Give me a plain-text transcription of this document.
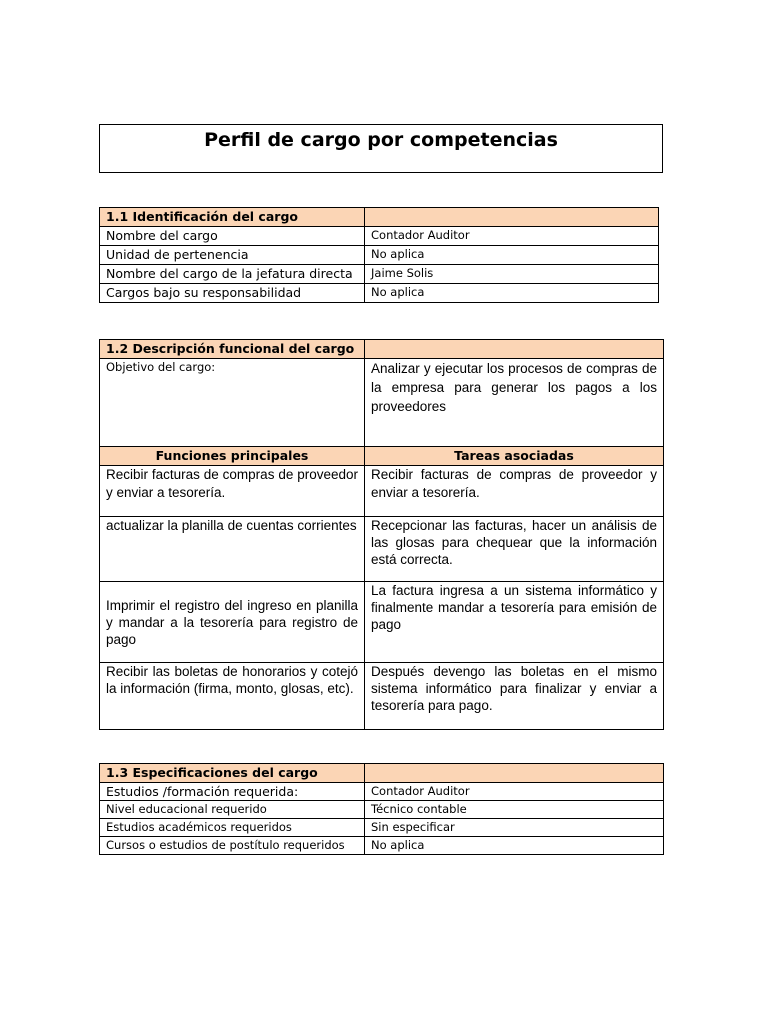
Perfil de cargo por competencias
1.1 Identificación del cargo	
Nombre del cargo	Contador Auditor
Unidad de pertenencia	No aplica
Nombre del cargo de la jefatura directa	Jaime Solis
Cargos bajo su responsabilidad	No aplica
1.2 Descripción funcional del cargo	
Objetivo del cargo:	Analizar y ejecutar los procesos de compras de la empresa para generar los pagos a los proveedores
Funciones principales	Tareas asociadas
Recibir facturas de compras de proveedor y enviar a tesorería.	Recibir facturas de compras de proveedor y enviar a tesorería.
actualizar la planilla de cuentas corrientes	Recepcionar las facturas, hacer un análisis de las glosas para chequear que la información está correcta.
Imprimir el registro del ingreso en planilla y mandar a la tesorería para registro de pago	La factura ingresa a un sistema informático y finalmente mandar a tesorería para emisión de pago
Recibir las boletas de honorarios y cotejó la información (firma, monto, glosas, etc).	Después devengo las boletas en el mismo sistema informático para finalizar y enviar a tesorería para pago.
1.3 Especificaciones del cargo	
Estudios /formación requerida:	Contador Auditor
Nivel educacional requerido	Técnico contable
Estudios académicos requeridos	Sin especificar
Cursos o estudios de postítulo requeridos	No aplica
